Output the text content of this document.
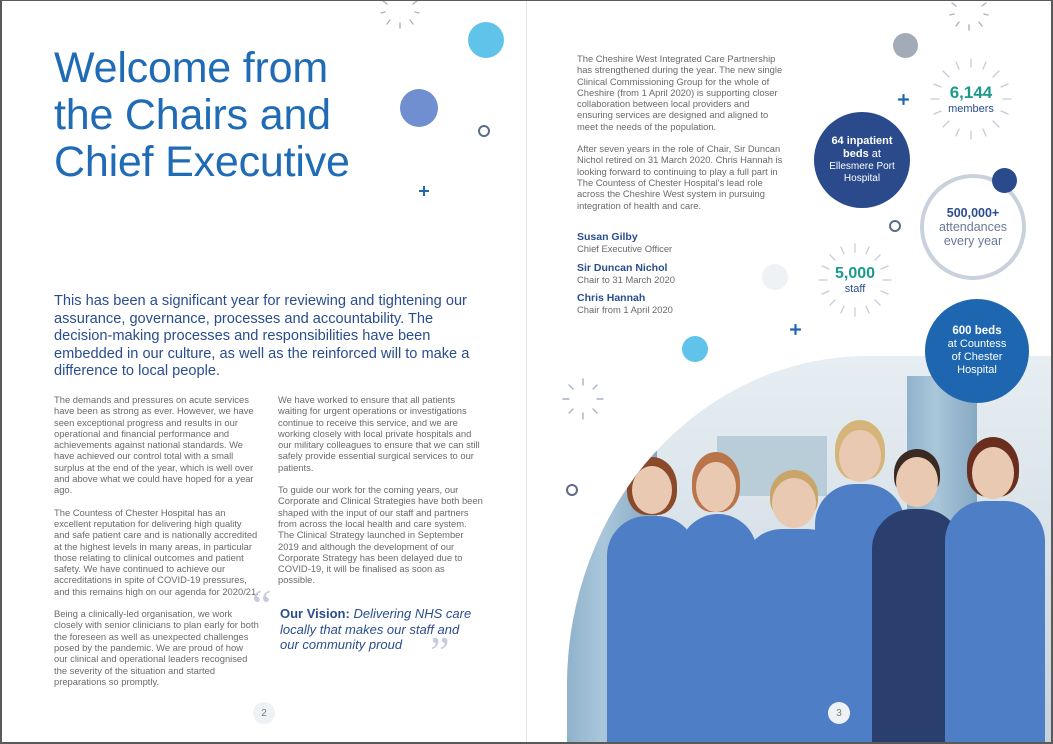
Welcome from the Chairs and Chief Executive

This has been a significant year for reviewing and tightening our assurance, governance, processes and accountability. The decision-making processes and responsibilities have been embedded in our culture, as well as the reinforced will to make a difference to local people.

The demands and pressures on acute services have been as strong as ever. However, we have seen exceptional progress and results in our operational and financial performance and achievements against national standards. We have achieved our control total with a small surplus at the end of the year, which is well over and above what we could have hoped for a year ago.

The Countess of Chester Hospital has an excellent reputation for delivering high quality and safe patient care and is nationally accredited at the highest levels in many areas, in particular those relating to clinical outcomes and patient safety. We have continued to achieve our accreditations in spite of COVID-19 pressures, and this remains high on our agenda for 2020/21.

Being a clinically-led organisation, we work closely with senior clinicians to plan early for both the foreseen as well as unexpected challenges posed by the pandemic. We are proud of how our clinical and operational leaders recognised the severity of the situation and started preparations so promptly.

We have worked to ensure that all patients waiting for urgent operations or investigations continue to receive this service, and we are working closely with local private hospitals and our military colleagues to ensure that we can still safely provide essential surgical services to our patients.

To guide our work for the coming years, our Corporate and Clinical Strategies have both been shaped with the input of our staff and partners from across the local health and care system. The Clinical Strategy launched in September 2019 and although the development of our Corporate Strategy has been delayed due to COVID-19, it will be finalised as soon as possible.

“ Our Vision: Delivering NHS care locally that makes our staff and our community proud ”
2

The Cheshire West Integrated Care Partnership has strengthened during the year. The new single Clinical Commissioning Group for the whole of Cheshire (from 1 April 2020) is supporting closer collaboration between local providers and ensuring services are designed and aligned to meet the needs of the population.

After seven years in the role of Chair, Sir Duncan Nichol retired on 31 March 2020. Chris Hannah is looking forward to continuing to play a full part in The Countess of Chester Hospital's lead role across the Cheshire West system in pursuing integration of health and care.

Susan Gilby
Chief Executive Officer
Sir Duncan Nichol
Chair to 31 March 2020
Chris Hannah
Chair from 1 April 2020
6,144
members
64 inpatient
beds at
Ellesmere Port Hospital
500,000+
attendances
every year
5,000
staff
600 beds
at Countess
of Chester
Hospital
3
